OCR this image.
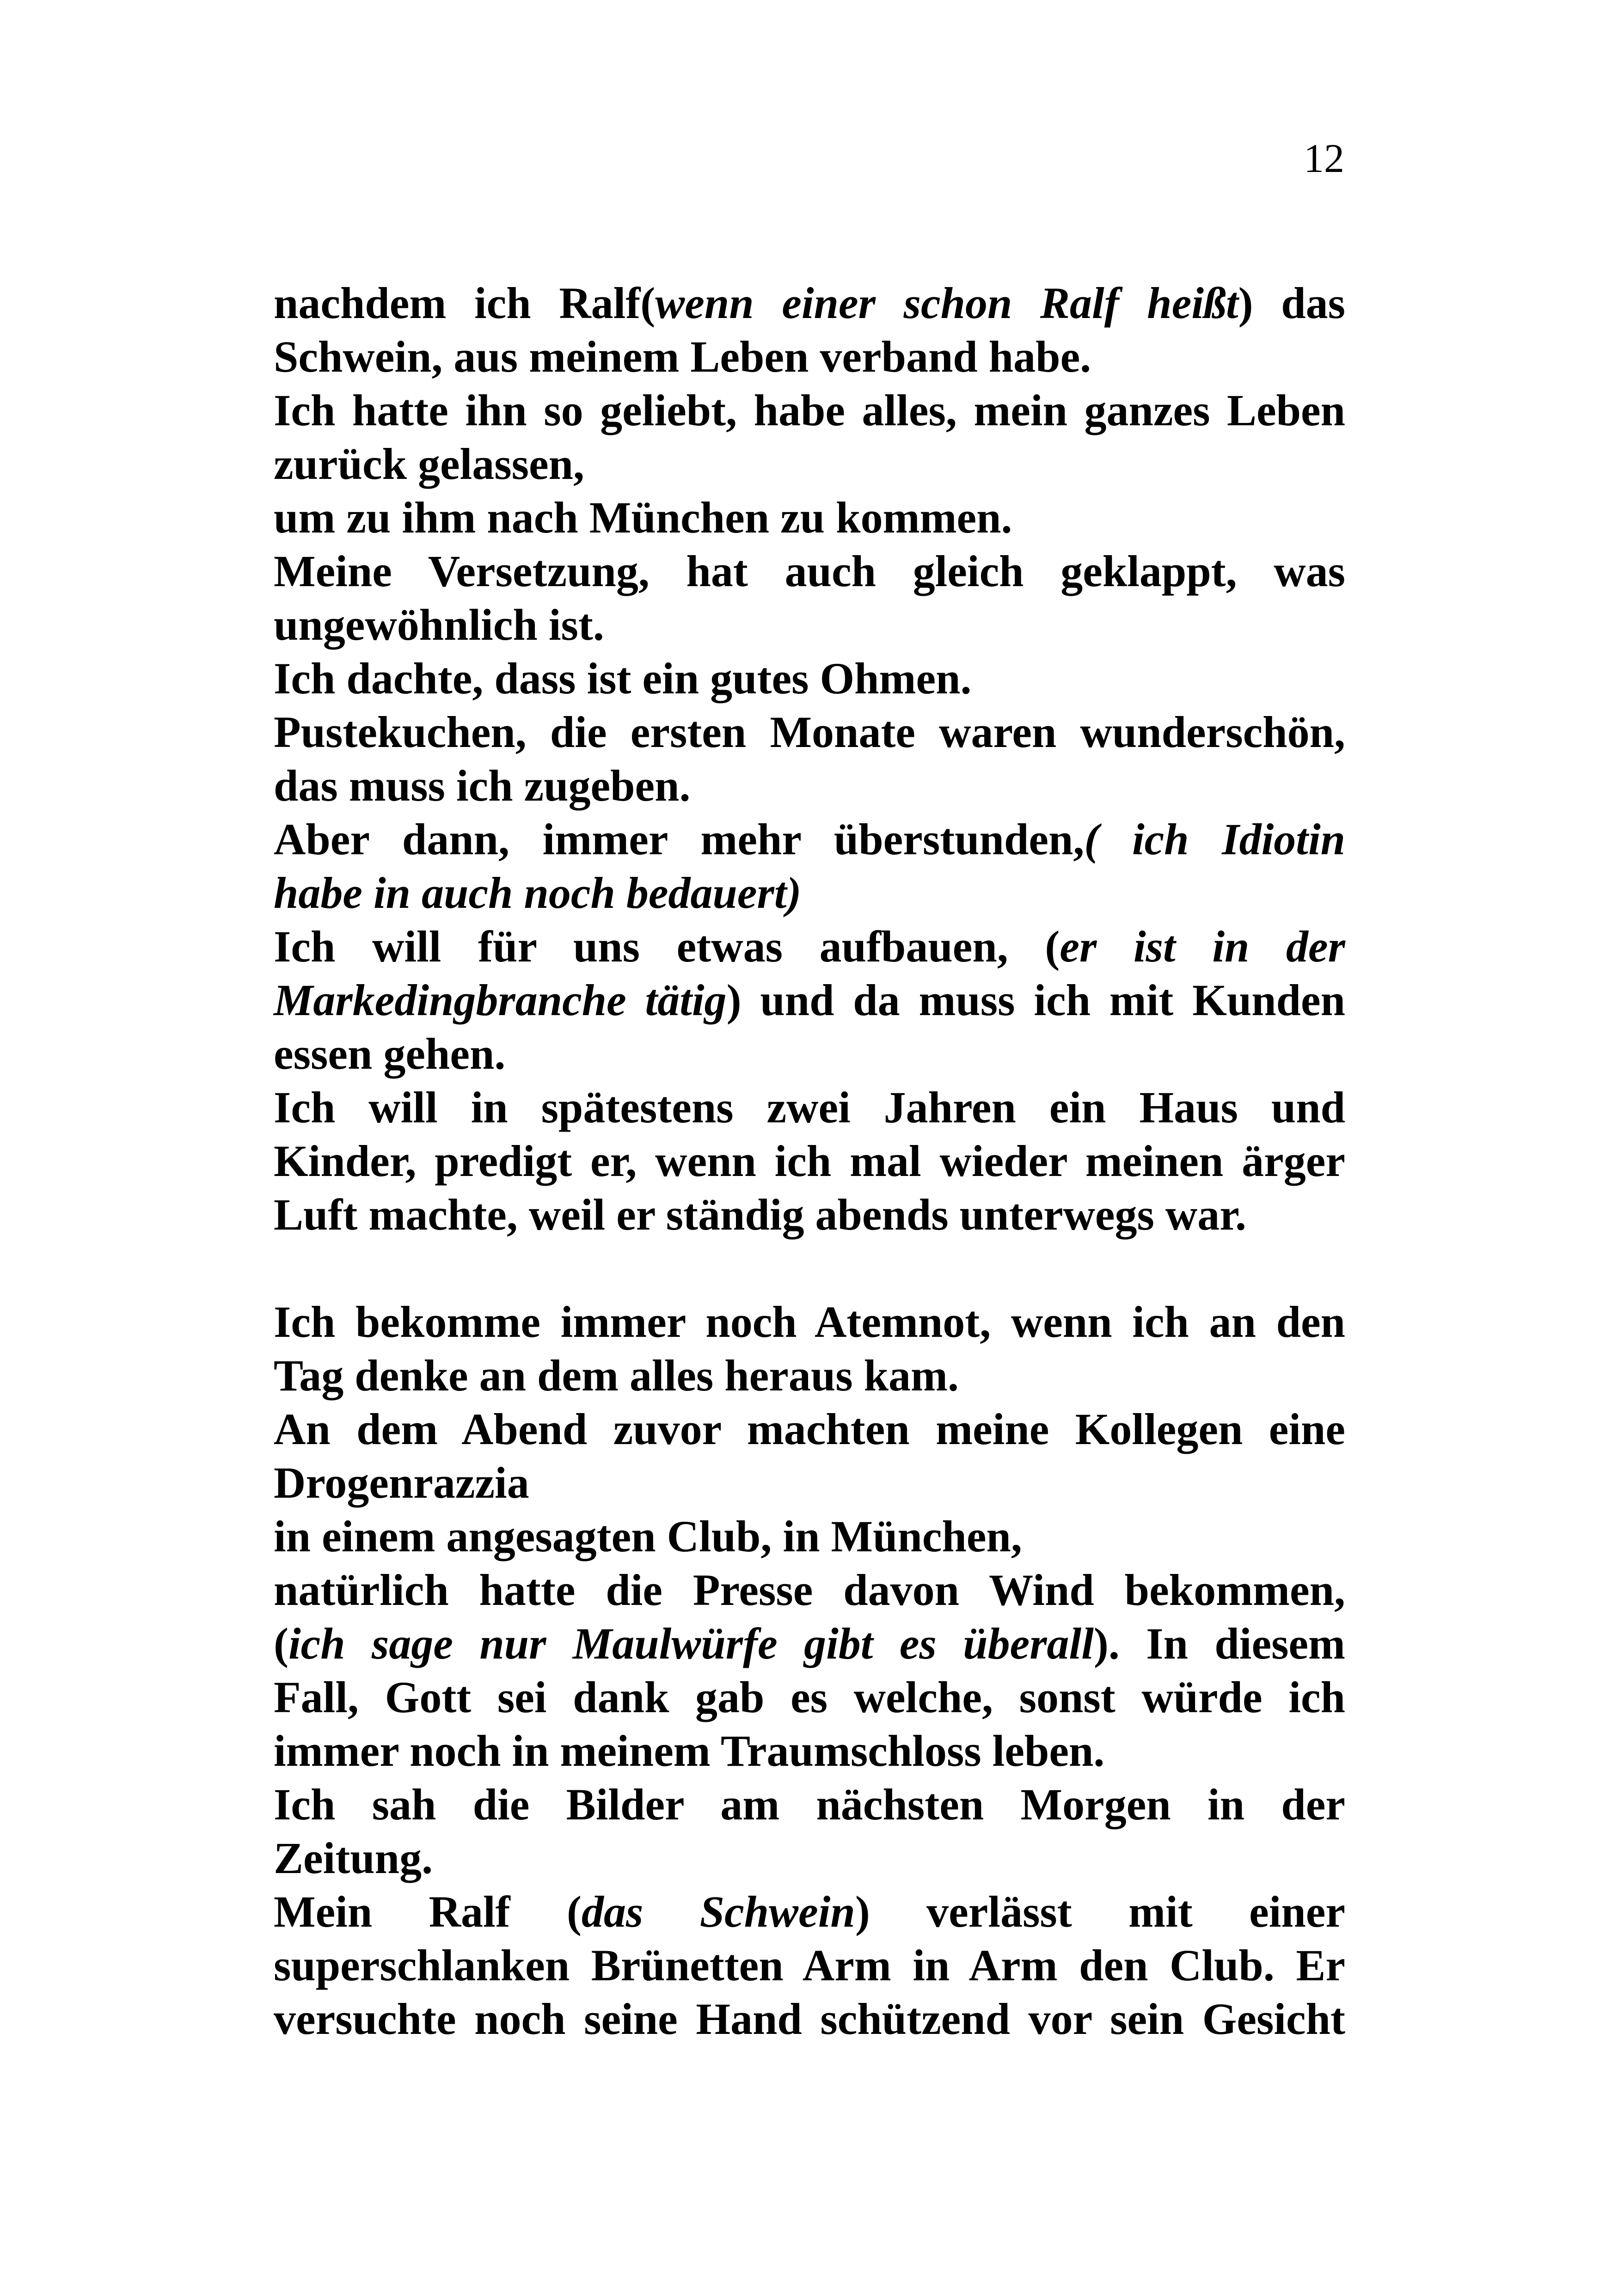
12
nachdem ich Ralf(wenn einer schon Ralf heißt) das
Schwein, aus meinem Leben verband habe.
Ich hatte ihn so geliebt, habe alles, mein ganzes Leben
zurück gelassen,
um zu ihm nach München zu kommen.
Meine Versetzung, hat auch gleich geklappt, was
ungewöhnlich ist.
Ich dachte, dass ist ein gutes Ohmen.
Pustekuchen, die ersten Monate waren wunderschön,
das muss ich zugeben.
Aber dann, immer mehr überstunden,( ich Idiotin
habe in auch noch bedauert)
Ich will für uns etwas aufbauen, (er ist in der
Markedingbranche tätig) und da muss ich mit Kunden
essen gehen.
Ich will in spätestens zwei Jahren ein Haus und
Kinder, predigt er, wenn ich mal wieder meinen ärger
Luft machte, weil er ständig abends unterwegs war.
Ich bekomme immer noch Atemnot, wenn ich an den
Tag denke an dem alles heraus kam.
An dem Abend zuvor machten meine Kollegen eine
Drogenrazzia
in einem angesagten Club, in München,
natürlich hatte die Presse davon Wind bekommen,
(ich sage nur Maulwürfe gibt es überall). In diesem
Fall, Gott sei dank gab es welche, sonst würde ich
immer noch in meinem Traumschloss leben.
Ich sah die Bilder am nächsten Morgen in der
Zeitung.
Mein Ralf (das Schwein) verlässt mit einer
superschlanken Brünetten Arm in Arm den Club. Er
versuchte noch seine Hand schützend vor sein Gesicht
